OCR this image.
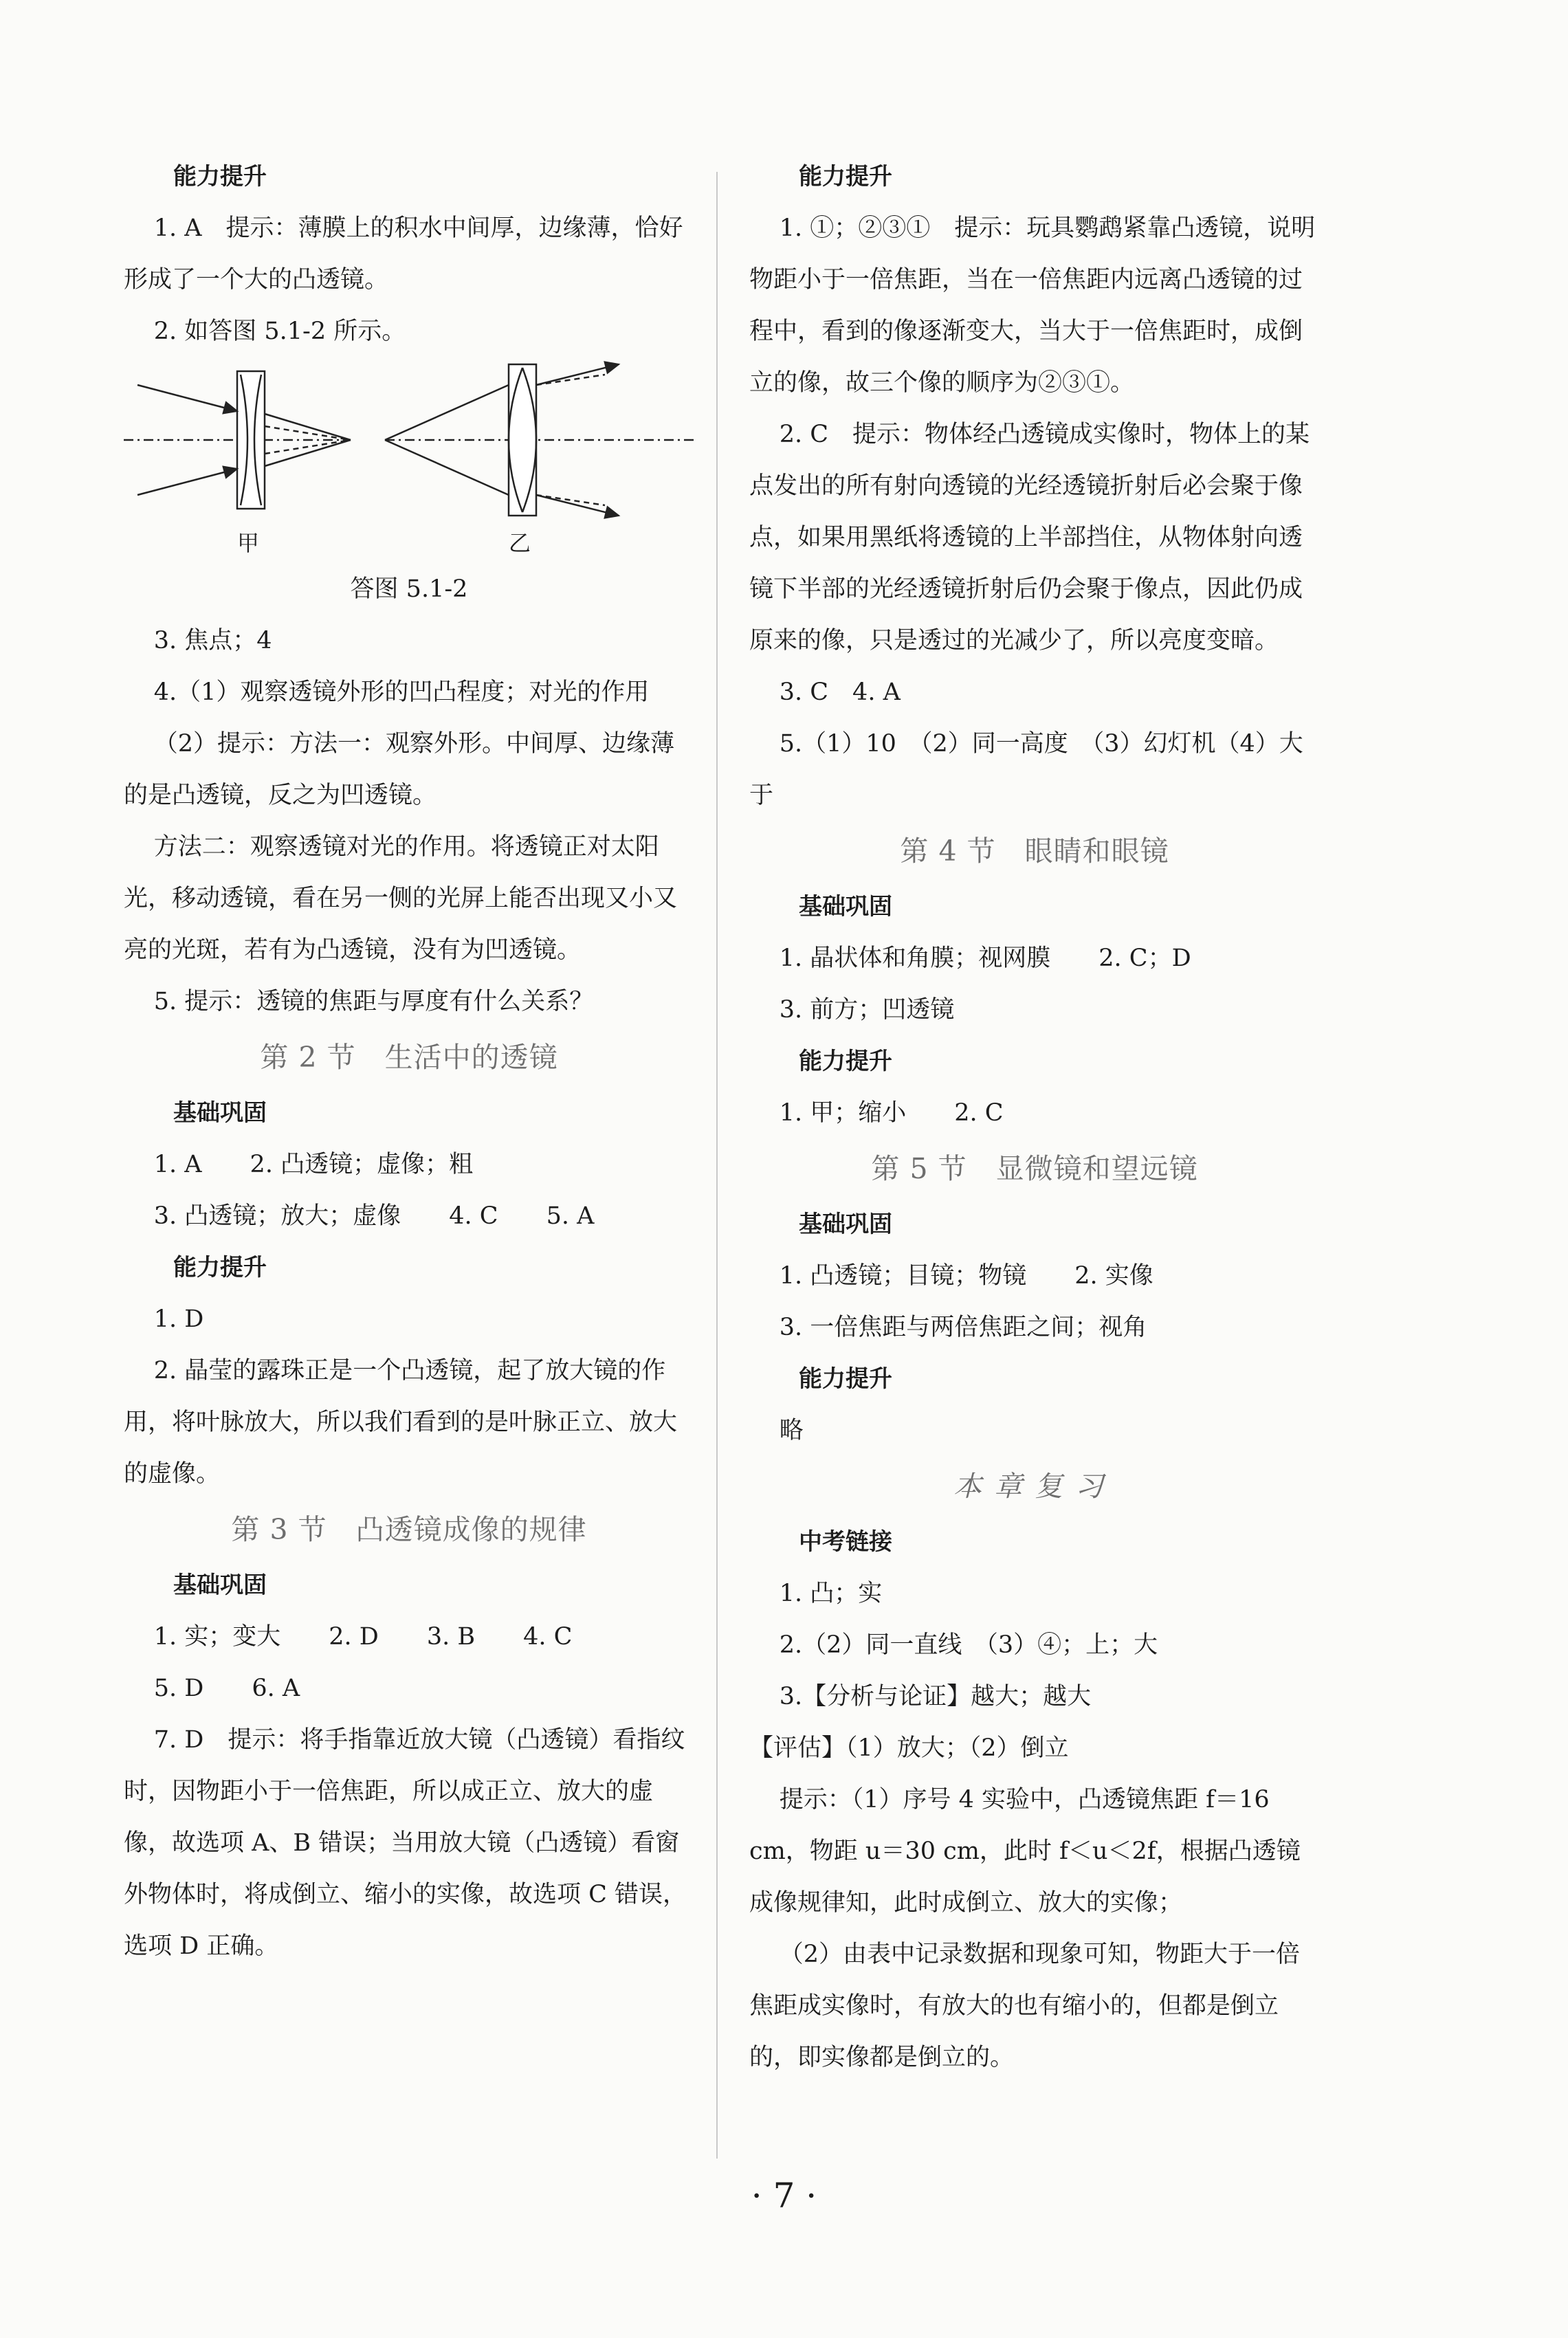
能力提升

1. A　提示：薄膜上的积水中间厚，边缘薄，恰好形成了一个大的凸透镜。

2. 如答图 5.1-2 所示。

甲	乙
答图 5.1-2

3. 焦点；4

4.（1）观察透镜外形的凹凸程度；对光的作用

（2）提示：方法一：观察外形。中间厚、边缘薄的是凸透镜，反之为凹透镜。

方法二：观察透镜对光的作用。将透镜正对太阳光，移动透镜，看在另一侧的光屏上能否出现又小又亮的光斑，若有为凸透镜，没有为凹透镜。

5. 提示：透镜的焦距与厚度有什么关系？

第 2 节　生活中的透镜
基础巩固

1. A　　2. 凸透镜；虚像；粗

3. 凸透镜；放大；虚像　　4. C　　5. A

能力提升

1. D

2. 晶莹的露珠正是一个凸透镜，起了放大镜的作用，将叶脉放大，所以我们看到的是叶脉正立、放大的虚像。

第 3 节　凸透镜成像的规律
基础巩固

1. 实；变大　　2. D　　3. B　　4. C

5. D　　6. A

7. D　提示：将手指靠近放大镜（凸透镜）看指纹时，因物距小于一倍焦距，所以成正立、放大的虚像，故选项 A、B 错误；当用放大镜（凸透镜）看窗外物体时，将成倒立、缩小的实像，故选项 C 错误，选项 D 正确。

能力提升

1. ①；②③①　提示：玩具鹦鹉紧靠凸透镜，说明物距小于一倍焦距，当在一倍焦距内远离凸透镜的过程中，看到的像逐渐变大，当大于一倍焦距时，成倒立的像，故三个像的顺序为②③①。

2. C　提示：物体经凸透镜成实像时，物体上的某点发出的所有射向透镜的光经透镜折射后必会聚于像点，如果用黑纸将透镜的上半部挡住，从物体射向透镜下半部的光经透镜折射后仍会聚于像点，因此仍成原来的像，只是透过的光减少了，所以亮度变暗。

3. C　4. A

5.（1）10　（2）同一高度　（3）幻灯机（4）大于

第 4 节　眼睛和眼镜
基础巩固

1. 晶状体和角膜；视网膜　　2. C；D

3. 前方；凹透镜

能力提升

1. 甲；缩小　　2. C

第 5 节　显微镜和望远镜
基础巩固

1. 凸透镜；目镜；物镜　　2. 实像

3. 一倍焦距与两倍焦距之间；视角

能力提升

略

本章复习
中考链接

1. 凸；实

2.（2）同一直线　（3）④；上；大

3.【分析与论证】越大；越大

【评估】（1）放大；（2）倒立

提示：（1）序号 4 实验中，凸透镜焦距 f＝16 cm，物距 u＝30 cm，此时 f＜u＜2f，根据凸透镜成像规律知，此时成倒立、放大的实像；

（2）由表中记录数据和现象可知，物距大于一倍焦距成实像时，有放大的也有缩小的，但都是倒立的，即实像都是倒立的。

· 7 ·
